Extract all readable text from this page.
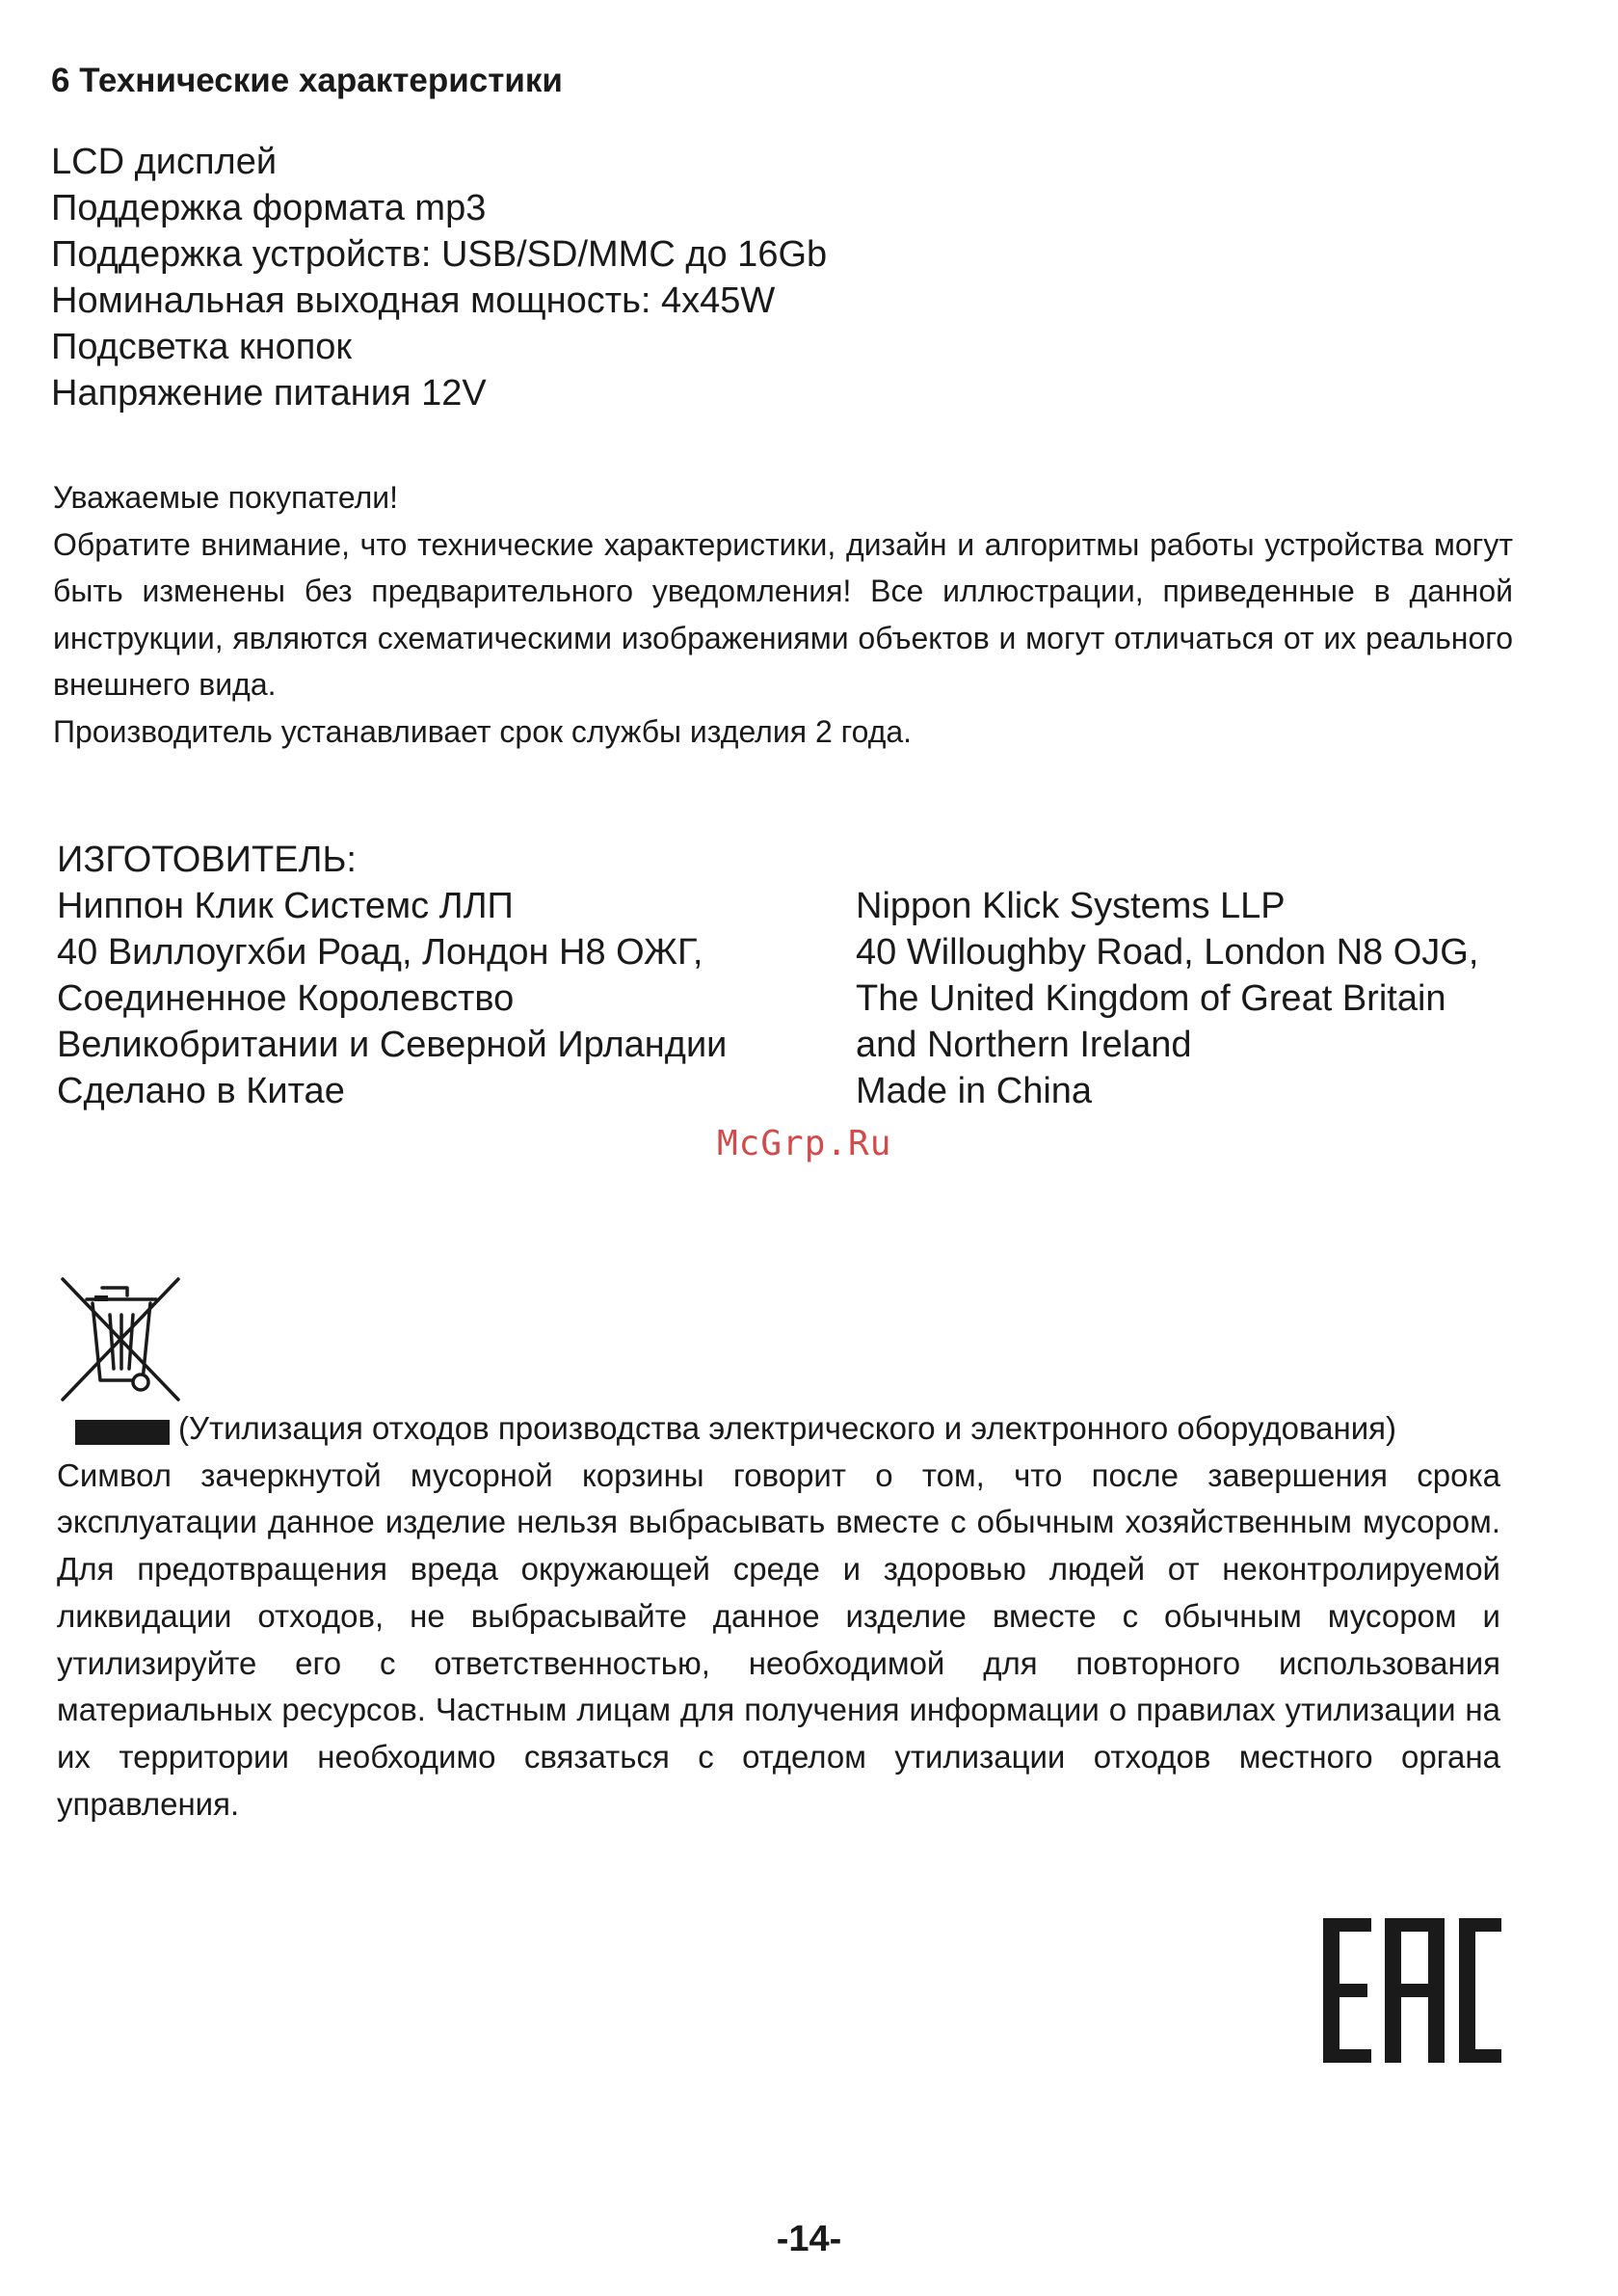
6 Технические характеристики
LCD дисплей
Поддержка формата mp3
Поддержка устройств: USB/SD/MMC до 16Gb
Номинальная выходная мощность: 4x45W
Подсветка кнопок
Напряжение питания 12V

Уважаемые покупатели!

Обратите внимание, что технические характеристики, дизайн и алгоритмы работы устройства могут быть изменены без предварительного уведомления! Все иллюстрации, приведенные в данной инструкции, являются схематическими изображениями объектов и могут отличаться от их реального внешнего вида.

Производитель устанавливает срок службы изделия 2 года.

ИЗГОТОВИТЕЛЬ:
Ниппон Клик Системс ЛЛП
40 Виллоугхби Роад, Лондон Н8 ОЖГ,
Соединенное Королевство
Великобритании и Северной Ирландии
Сделано в Китае
Nippon Klick Systems LLP
40 Willoughby Road, London N8 OJG,
The United Kingdom of Great Britain
and Northern Ireland
Made in China
McGrp.Ru

(Утилизация отходов производства электрического и электронного оборудования)

Символ зачеркнутой мусорной корзины говорит о том, что после завершения срока эксплуатации данное изделие нельзя выбрасывать вместе с обычным хозяйственным мусором. Для предотвращения вреда окружающей среде и здоровью людей от неконтролируемой ликвидации отходов, не выбрасывайте данное изделие вместе с обычным мусором и утилизируйте его с ответственностью, необходимой для повторного использования материальных ресурсов. Частным лицам для получения информации о правилах утилизации на их территории необходимо связаться с отделом утилизации отходов местного органа управления.

-14-
